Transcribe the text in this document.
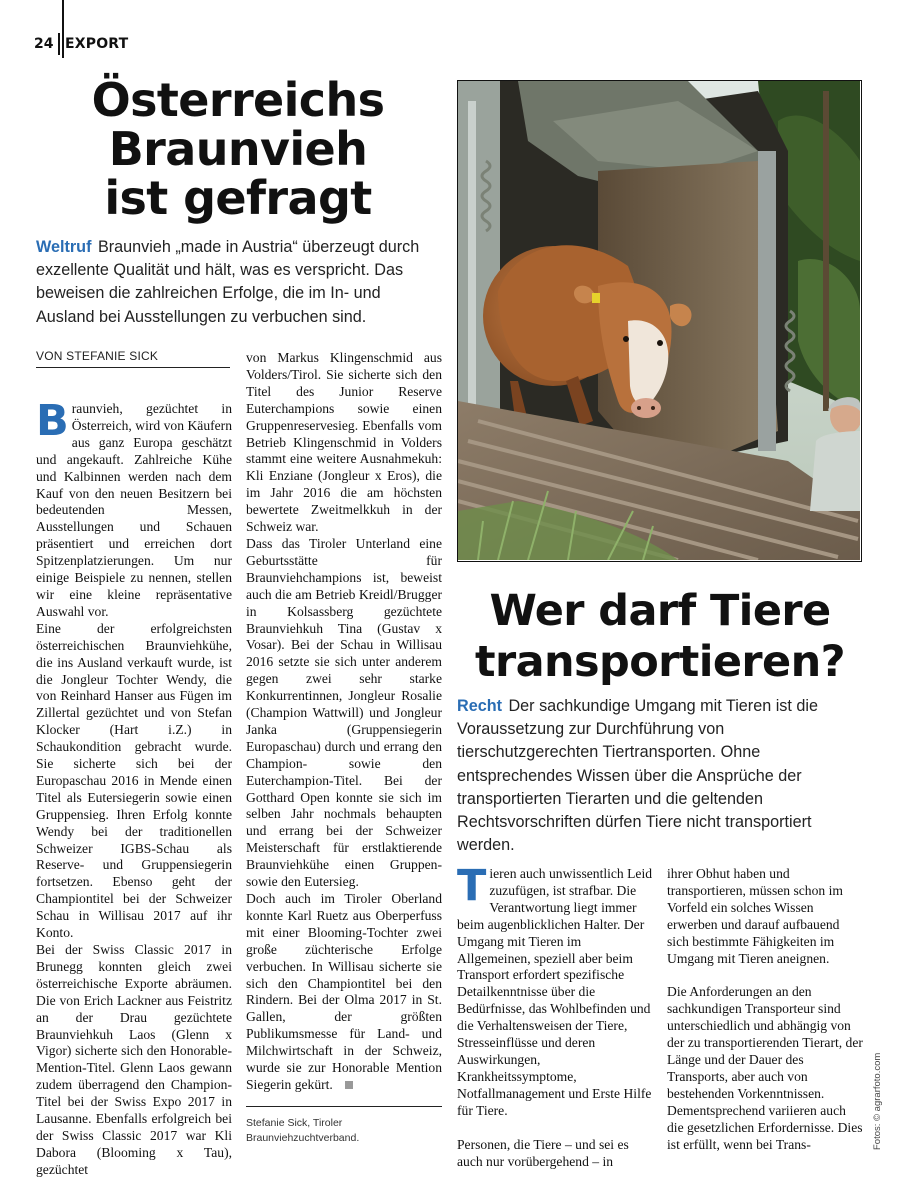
24 EXPORT
Österreichs
Braunvieh
ist gefragt

Weltruf Braunvieh „made in Austria“ überzeugt durch exzellente Qualität und hält, was es verspricht. Das beweisen die zahlreichen Erfolge, die im In- und Ausland bei Ausstellungen zu verbuchen sind.

VON STEFANIE SICK

Braunvieh, gezüchtet in Österreich, wird von Käufern aus ganz Europa geschätzt und angekauft. Zahlreiche Kühe und Kalbinnen werden nach dem Kauf von den neuen Besitzern bei bedeutenden Messen, Ausstellungen und Schauen präsentiert und erreichen dort Spitzenplatzierungen. Um nur einige Beispiele zu nennen, stellen wir eine kleine repräsentative Auswahl vor.

Eine der erfolgreichsten österreichischen Braunviehkühe, die ins Ausland verkauft wurde, ist die Jongleur Tochter Wendy, die von Reinhard Hanser aus Fügen im Zillertal gezüchtet und von Stefan Klocker (Hart i.Z.) in Schaukondition gebracht wurde. Sie sicherte sich bei der Europaschau 2016 in Mende einen Titel als Eutersiegerin sowie einen Gruppensieg. Ihren Erfolg konnte Wendy bei der traditionellen Schweizer IGBS-Schau als Reserve- und Gruppensiegerin fortsetzen. Ebenso geht der Championtitel bei der Schweizer Schau in Willisau 2017 auf ihr Konto.

Bei der Swiss Classic 2017 in Brunegg konnten gleich zwei österreichische Exporte abräumen. Die von Erich Lackner aus Feistritz an der Drau gezüchtete Braunviehkuh Laos (Glenn x Vigor) sicherte sich den Honorable-Mention-Titel. Glenn Laos gewann zudem überragend den Champion-Titel bei der Swiss Expo 2017 in Lausanne. Ebenfalls erfolgreich bei der Swiss Classic 2017 war Kli Dabora (Blooming x Tau), gezüchtet

von Markus Klingenschmid aus Volders/Tirol. Sie sicherte sich den Titel des Junior Reserve Euterchampions sowie einen Gruppenreservesieg. Ebenfalls vom Betrieb Klingenschmid in Volders stammt eine weitere Ausnahmekuh: Kli Enziane (Jongleur x Eros), die im Jahr 2016 die am höchsten bewertete Zweitmelkkuh in der Schweiz war.

Dass das Tiroler Unterland eine Geburtsstätte für Braunviehchampions ist, beweist auch die am Betrieb Kreidl/Brugger in Kolsassberg gezüchtete Braunviehkuh Tina (Gustav x Vosar). Bei der Schau in Willisau 2016 setzte sie sich unter anderem gegen zwei sehr starke Konkurrentinnen, Jongleur Rosalie (Champion Wattwill) und Jongleur Janka (Gruppensiegerin Europaschau) durch und errang den Champion- sowie den Euterchampion-Titel. Bei der Gotthard Open konnte sie sich im selben Jahr nochmals behaupten und errang bei der Schweizer Meisterschaft für erstlaktierende Braunviehkühe einen Gruppen- sowie den Eutersieg.

Doch auch im Tiroler Oberland konnte Karl Ruetz aus Oberperfuss mit einer Blooming-Tochter zwei große züchterische Erfolge verbuchen. In Willisau sicherte sie sich den Championtitel bei den Rindern. Bei der Olma 2017 in St. Gallen, der größten Publikumsmesse für Land- und Milchwirtschaft in der Schweiz, wurde sie zur Honorable Mention Siegerin gekürt.

Stefanie Sick, Tiroler Braunviehzuchtverband.
Wer darf Tiere
transportieren?

Recht Der sachkundige Umgang mit Tieren ist die Voraussetzung zur Durchführung von tierschutzgerechten Tiertransporten. Ohne entsprechendes Wissen über die Ansprüche der transportierten Tierarten und die geltenden Rechtsvorschriften dürfen Tiere nicht transportiert werden.

Tieren auch unwissentlich Leid zuzufügen, ist strafbar. Die Verantwortung liegt immer beim augenblicklichen Halter. Der Umgang mit Tieren im Allgemeinen, speziell aber beim Transport erfordert spezifische Detailkenntnisse über die Bedürfnisse, das Wohlbefinden und die Verhaltensweisen der Tiere, Stresseinflüsse und deren Auswirkungen, Krankheitssymptome, Notfallmanagement und Erste Hilfe für Tiere.

Personen, die Tiere – und sei es auch nur vorübergehend – in

ihrer Obhut haben und transportieren, müssen schon im Vorfeld ein solches Wissen erwerben und darauf aufbauend sich bestimmte Fähigkeiten im Umgang mit Tieren aneignen.

Die Anforderungen an den sachkundigen Transporteur sind unterschiedlich und abhängig von der zu transportierenden Tierart, der Länge und der Dauer des Transports, aber auch von bestehenden Vorkenntnissen. Dementsprechend variieren auch die gesetzlichen Erfordernisse. Dies ist erfüllt, wenn bei Trans-	Fotos: © agrarfoto.com
